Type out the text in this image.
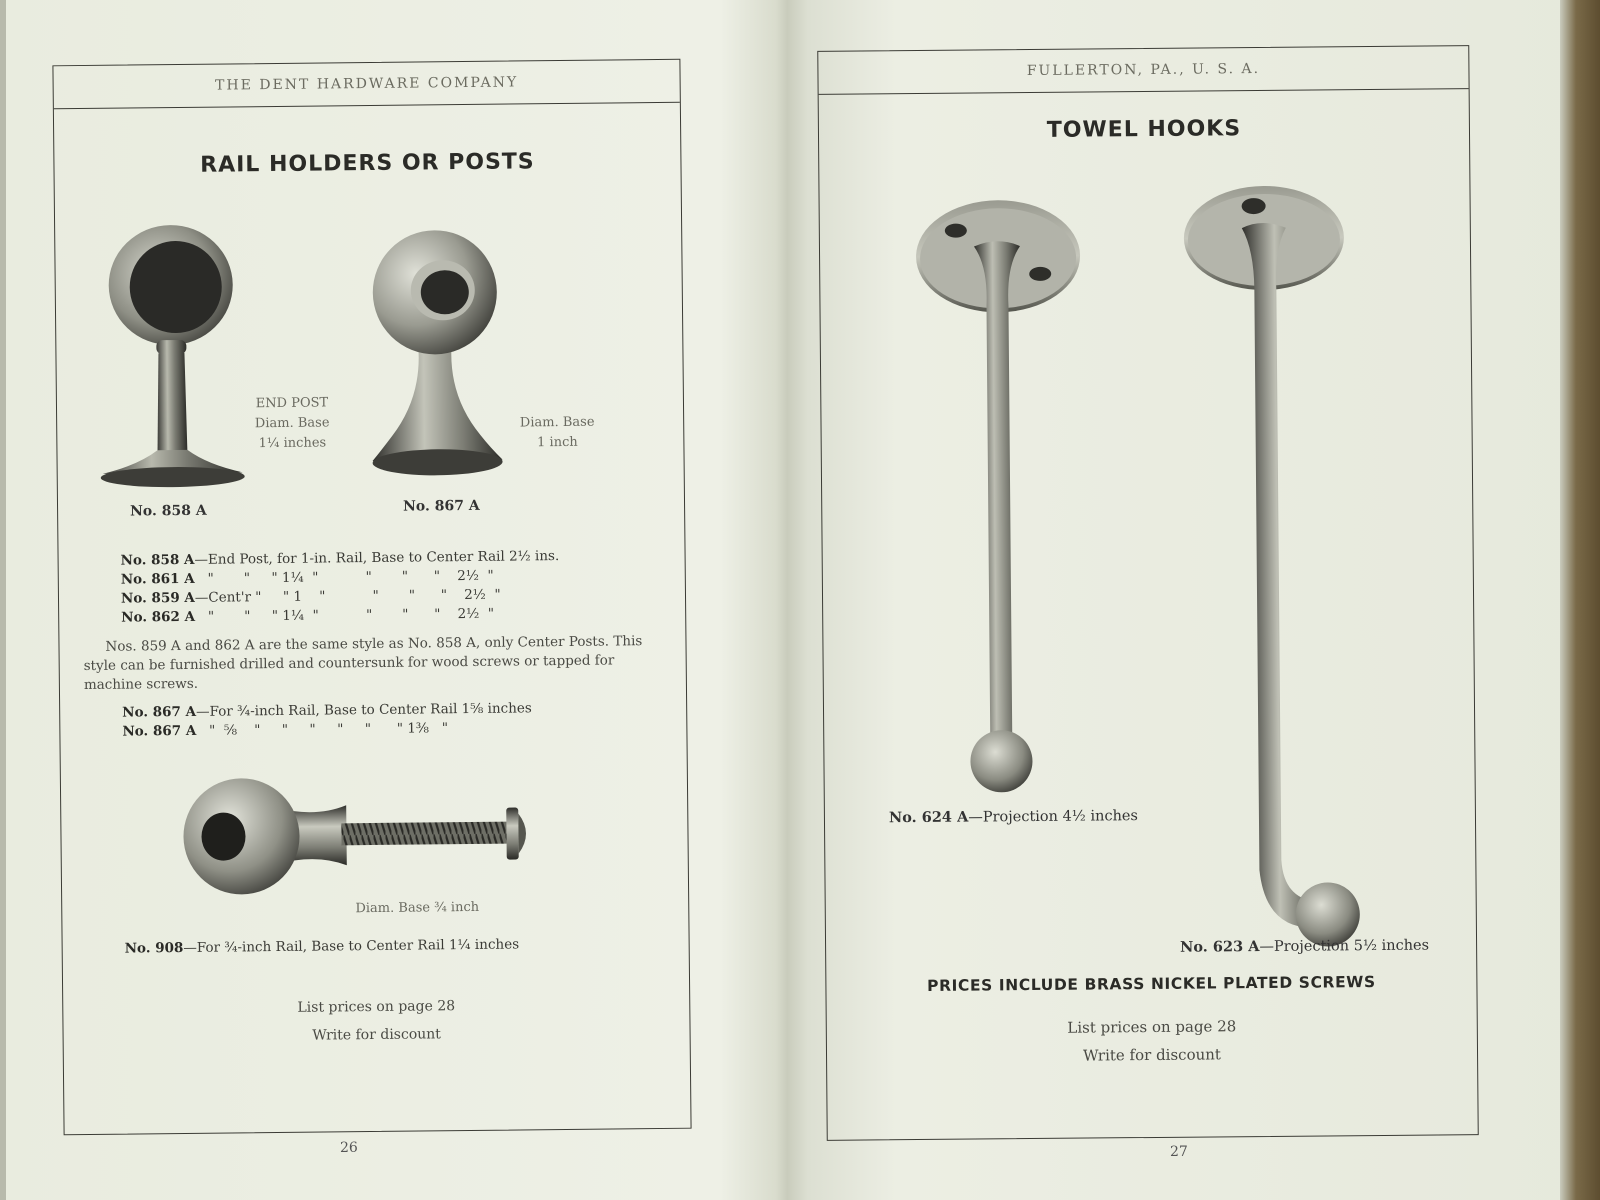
THE DENT HARDWARE COMPANY
RAIL HOLDERS OR POSTS
No. 858 A
END POST
Diam. Base
1¼ inches
No. 867 A
Diam. Base
1 inch
No. 858 A—End Post, for 1-in. Rail, Base to Center Rail 2½ ins.
No. 861 A   "       "     " 1¼  "           "       "      "    2½  "
No. 859 A—Cent'r "     " 1    "           "       "      "    2½  "
No. 862 A   "       "     " 1¼  "           "       "      "    2½  "
Nos. 859 A and 862 A are the same style as No. 858 A, only Center Posts. This style can be furnished drilled and countersunk for wood screws or tapped for machine screws.
No. 867 A—For ¾-inch Rail, Base to Center Rail 1⅝ inches
No. 867 A   "  ⅝    "     "     "     "     "      " 1⅜   "
Diam. Base ¾ inch
No. 908—For ¾-inch Rail, Base to Center Rail 1¼ inches
List prices on page 28
Write for discount
26
FULLERTON, PA., U. S. A.
TOWEL HOOKS
No. 624 A—Projection 4½ inches
No. 623 A—Projection 5½ inches
PRICES INCLUDE BRASS NICKEL PLATED SCREWS
List prices on page 28
Write for discount
27
